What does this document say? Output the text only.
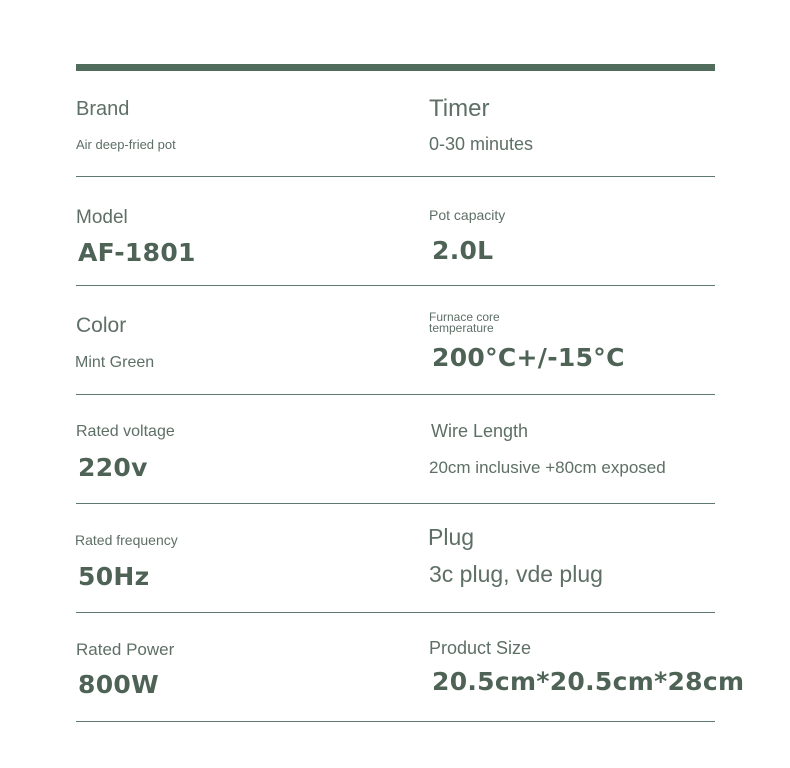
Brand
Air deep-fried pot
Timer
0-30 minutes
Model
AF-1801
Pot capacity
2.0L
Color
Mint Green
Furnace core temperature
200°C+/-15°C
Rated voltage
220v
Wire Length
20cm inclusive +80cm exposed
Rated frequency
50Hz
Plug
3c plug, vde plug
Rated Power
800W
Product Size
20.5cm*20.5cm*28cm
